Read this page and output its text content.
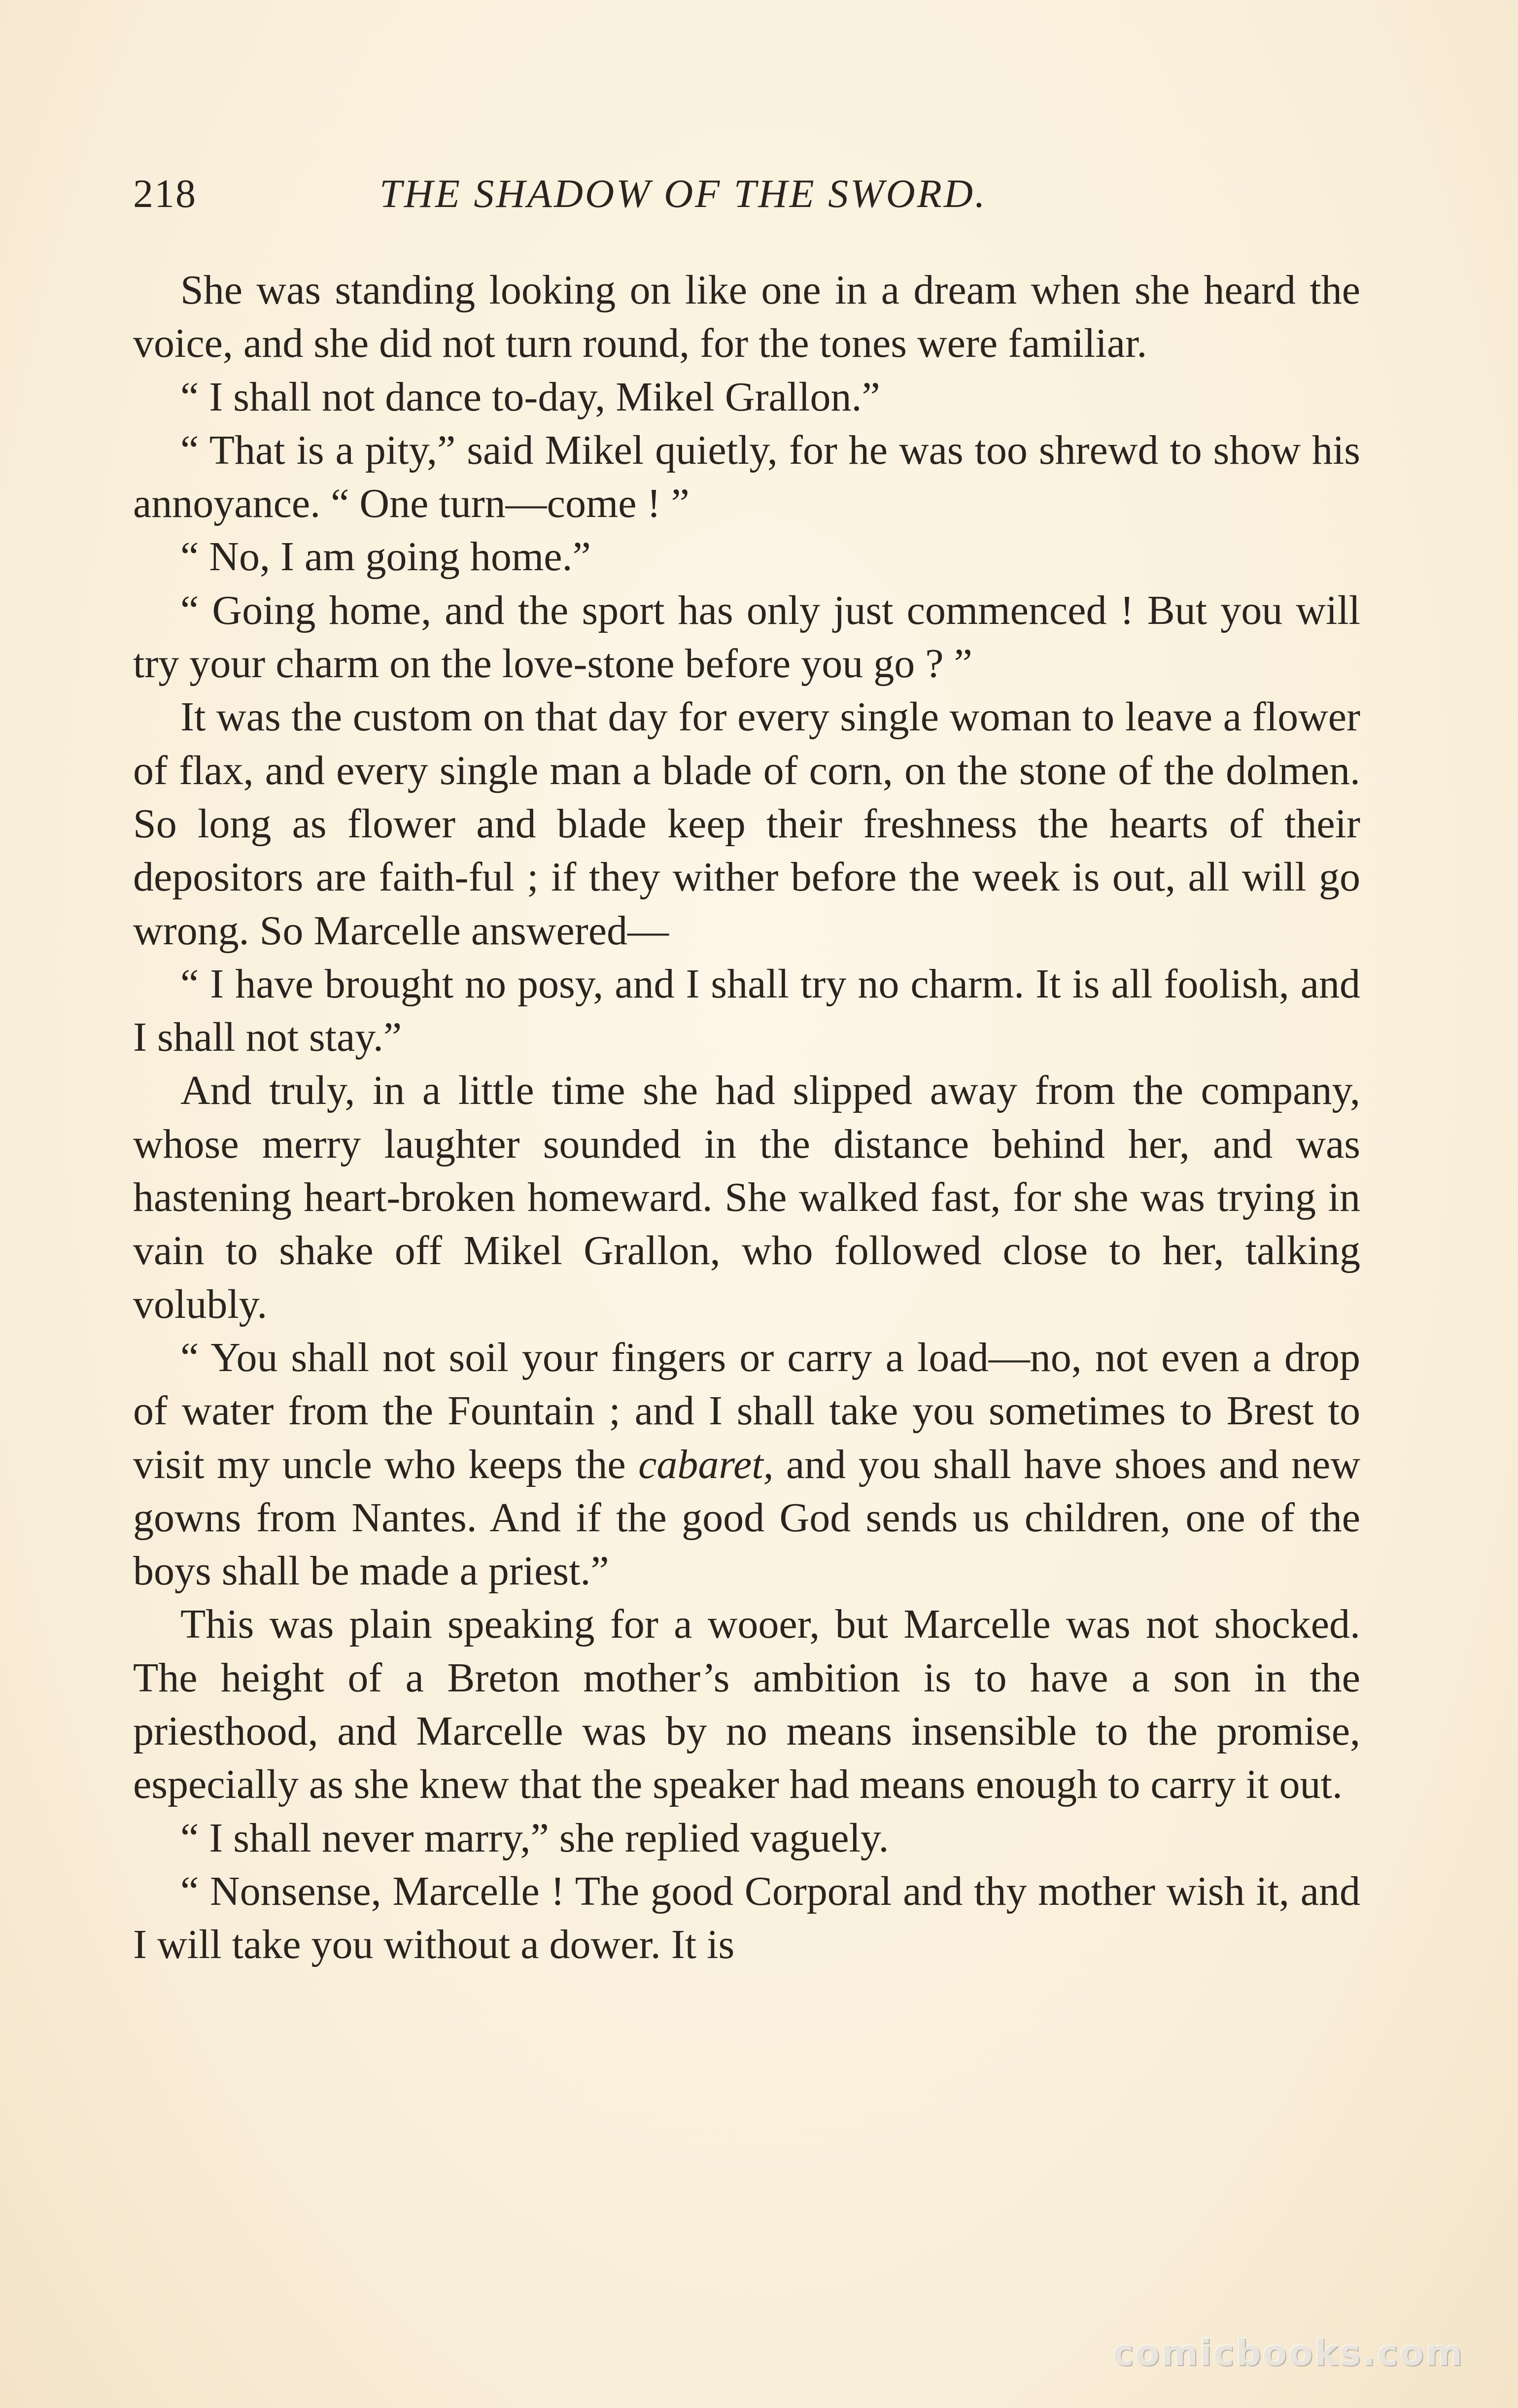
218	THE SHADOW OF THE SWORD.

She was standing looking on like one in a dream when she heard the voice, and she did not turn round, for the tones were familiar.

“ I shall not dance to-day, Mikel Grallon.”

“ That is a pity,” said Mikel quietly, for he was too shrewd to show his annoyance. “ One turn—come ! ”

“ No, I am going home.”

“ Going home, and the sport has only just commenced ! But you will try your charm on the love-stone before you go ? ”

It was the custom on that day for every single woman to leave a flower of flax, and every single man a blade of corn, on the stone of the dolmen. So long as flower and blade keep their freshness the hearts of their depositors are faith-ful ; if they wither before the week is out, all will go wrong. So Marcelle answered—

“ I have brought no posy, and I shall try no charm. It is all foolish, and I shall not stay.”

And truly, in a little time she had slipped away from the company, whose merry laughter sounded in the distance behind her, and was hastening heart-broken homeward. She walked fast, for she was trying in vain to shake off Mikel Grallon, who followed close to her, talking volubly.

“ You shall not soil your fingers or carry a load—no, not even a drop of water from the Fountain ; and I shall take you sometimes to Brest to visit my uncle who keeps the cabaret, and you shall have shoes and new gowns from Nantes. And if the good God sends us children, one of the boys shall be made a priest.”

This was plain speaking for a wooer, but Marcelle was not shocked. The height of a Breton mother’s ambition is to have a son in the priesthood, and Marcelle was by no means insensible to the promise, especially as she knew that the speaker had means enough to carry it out.

“ I shall never marry,” she replied vaguely.

“ Nonsense, Marcelle ! The good Corporal and thy mother wish it, and I will take you without a dower. It is

comicbooks.com
